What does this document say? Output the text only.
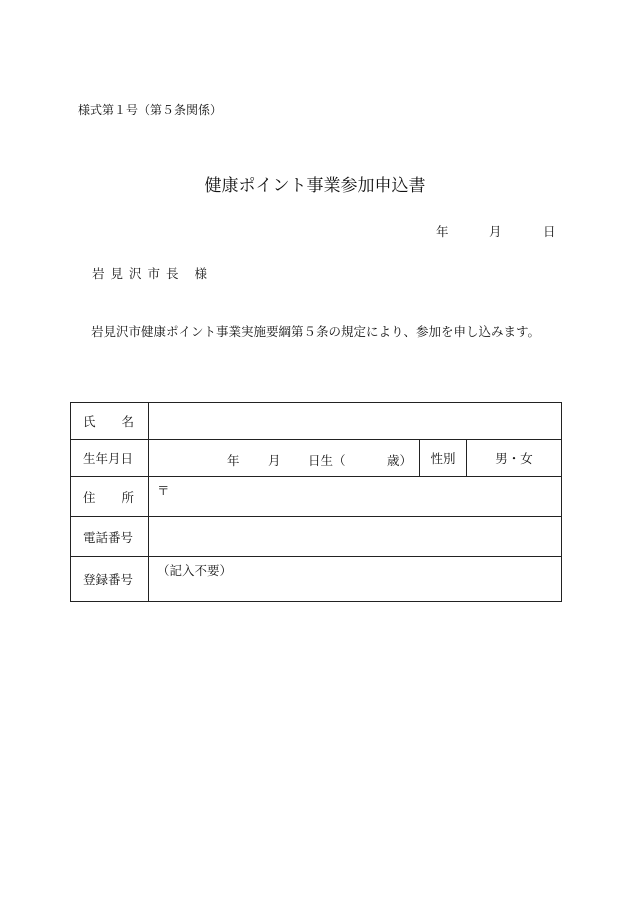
様式第１号（第５条関係）
健康ポイント事業参加申込書
年	月	日
岩見沢市長 様
岩見沢市健康ポイント事業実施要綱第５条の規定により、参加を申し込みます。
氏名			
生年月日	年 月 日生（ 歳）	性別	男・女
住所	〒		
電話番号			
登録番号	（記入不要）		
